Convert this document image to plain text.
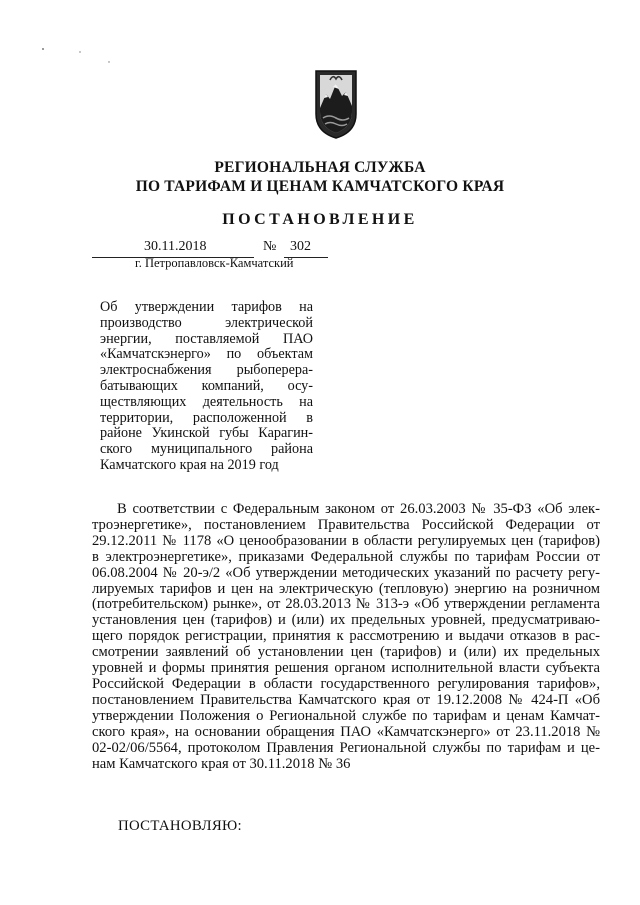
РЕГИОНАЛЬНАЯ СЛУЖБА
ПО ТАРИФАМ И ЦЕНАМ КАМЧАТСКОГО КРАЯ
ПОСТАНОВЛЕНИЕ
30.11.2018	№ 302
г. Петропавловск-Камчатский
Об утверждении тарифов на
производство электрической
энергии, поставляемой ПАО
«Камчатскэнерго» по объектам
электроснабжения рыбоперера-
батывающих компаний, осу-
ществляющих деятельность на
территории, расположенной в
районе Укинской губы Карагин-
ского муниципального района
Камчатского края на 2019 год
В соответствии с Федеральным законом от 26.03.2003 № 35-ФЗ «Об элек-
троэнергетике», постановлением Правительства Российской Федерации от
29.12.2011 № 1178 «О ценообразовании в области регулируемых цен (тарифов)
в электроэнергетике», приказами Федеральной службы по тарифам России от
06.08.2004 № 20-э/2 «Об утверждении методических указаний по расчету регу-
лируемых тарифов и цен на электрическую (тепловую) энергию на розничном
(потребительском) рынке», от 28.03.2013 № 313-э «Об утверждении регламента
установления цен (тарифов) и (или) их предельных уровней, предусматриваю-
щего порядок регистрации, принятия к рассмотрению и выдачи отказов в рас-
смотрении заявлений об установлении цен (тарифов) и (или) их предельных
уровней и формы принятия решения органом исполнительной власти субъекта
Российской Федерации в области государственного регулирования тарифов»,
постановлением Правительства Камчатского края от 19.12.2008 № 424-П «Об
утверждении Положения о Региональной службе по тарифам и ценам Камчат-
ского края», на основании обращения ПАО «Камчатскэнерго» от 23.11.2018 №
02-02/06/5564, протоколом Правления Региональной службы по тарифам и це-
нам Камчатского края от 30.11.2018 № 36
ПОСТАНОВЛЯЮ:
